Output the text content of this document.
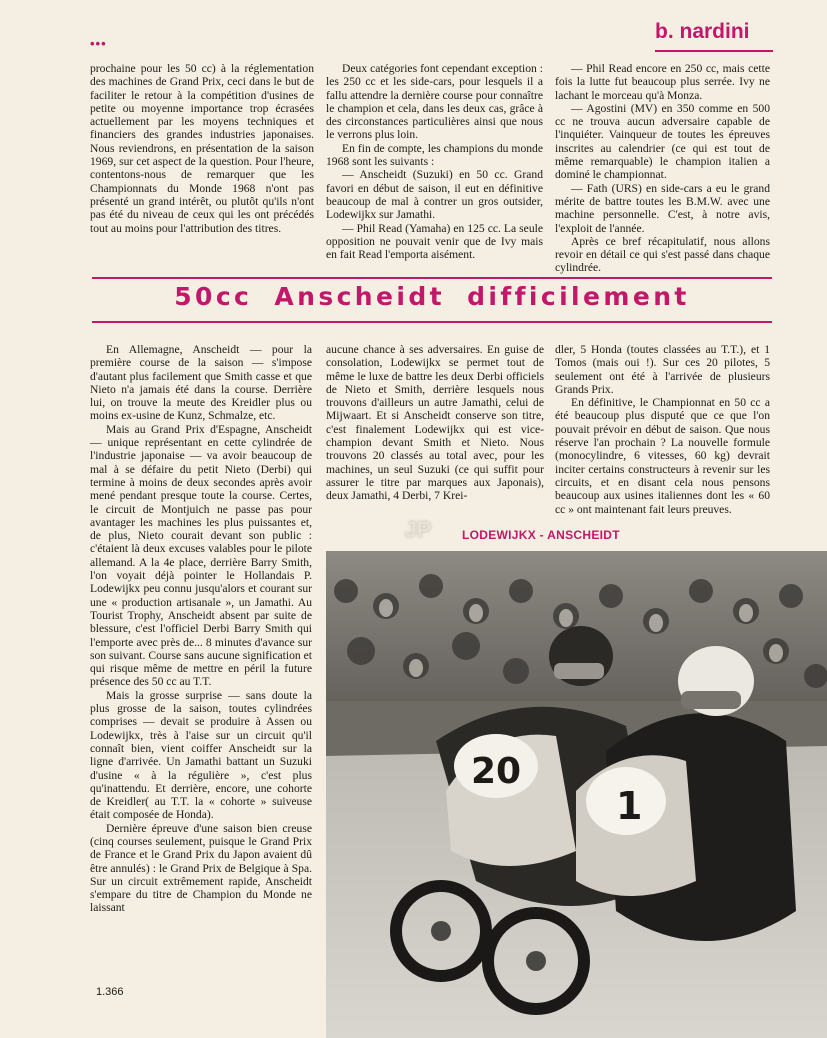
•••
b. nardini

prochaine pour les 50 cc) à la réglementation des machines de Grand Prix, ceci dans le but de faciliter le retour à la compétition d'usines de petite ou moyenne importance trop écrasées actuellement par les moyens techniques et financiers des grandes industries japonaises. Nous reviendrons, en présentation de la saison 1969, sur cet aspect de la question. Pour l'heure, contentons-nous de remarquer que les Championnats du Monde 1968 n'ont pas présenté un grand intérêt, ou plutôt qu'ils n'ont pas été du niveau de ceux qui les ont précédés tout au moins pour l'attribution des titres.

Deux catégories font cependant exception : les 250 cc et les side-cars, pour lesquels il a fallu attendre la dernière course pour connaître le champion et cela, dans les deux cas, grâce à des circonstances particulières ainsi que nous le verrons plus loin.

En fin de compte, les champions du monde 1968 sont les suivants :

— Anscheidt (Suzuki) en 50 cc. Grand favori en début de saison, il eut en définitive beaucoup de mal à contrer un gros outsider, Lodewijkx sur Jamathi.

— Phil Read (Yamaha) en 125 cc. La seule opposition ne pouvait venir que de Ivy mais en fait Read l'emporta aisément.

— Phil Read encore en 250 cc, mais cette fois la lutte fut beaucoup plus serrée. Ivy ne lachant le morceau qu'à Monza.

— Agostini (MV) en 350 comme en 500 cc ne trouva aucun adversaire capable de l'inquiéter. Vainqueur de toutes les épreuves inscrites au calendrier (ce qui est tout de même remarquable) le champion italien a dominé le championnat.

— Fath (URS) en side-cars a eu le grand mérite de battre toutes les B.M.W. avec une machine personnelle. C'est, à notre avis, l'exploit de l'année.

Après ce bref récapitulatif, nous allons revoir en détail ce qui s'est passé dans chaque cylindrée.

50cc Anscheidt difficilement

En Allemagne, Anscheidt — pour la première course de la saison — s'impose d'autant plus facilement que Smith casse et que Nieto n'a jamais été dans la course. Derrière lui, on trouve la meute des Kreidler plus ou moins ex-usine de Kunz, Schmalze, etc.

Mais au Grand Prix d'Espagne, Anscheidt — unique représentant en cette cylindrée de l'industrie japonaise — va avoir beaucoup de mal à se défaire du petit Nieto (Derbi) qui termine à moins de deux secondes après avoir mené pendant presque toute la course. Certes, le circuit de Montjuich ne passe pas pour avantager les machines les plus puissantes et, de plus, Nieto courait devant son public : c'étaient là deux excuses valables pour le pilote allemand. A la 4e place, derrière Barry Smith, l'on voyait déjà pointer le Hollandais P. Lodewijkx peu connu jusqu'alors et courant sur une « production artisanale », un Jamathi. Au Tourist Trophy, Anscheidt absent par suite de blessure, c'est l'officiel Derbi Barry Smith qui l'emporte avec près de... 8 minutes d'avance sur son suivant. Course sans aucune signification et qui risque même de mettre en péril la future présence des 50 cc au T.T.

Mais la grosse surprise — sans doute la plus grosse de la saison, toutes cylindrées comprises — devait se produire à Assen ou Lodewijkx, très à l'aise sur un circuit qu'il connaît bien, vient coiffer Anscheidt sur la ligne d'arrivée. Un Jamathi battant un Suzuki d'usine « à la régulière », c'est plus qu'inattendu. Et derrière, encore, une cohorte de Kreidler( au T.T. la « cohorte » suiveuse était composée de Honda).

Dernière épreuve d'une saison bien creuse (cinq courses seulement, puisque le Grand Prix de France et le Grand Prix du Japon avaient dû être annulés) : le Grand Prix de Belgique à Spa. Sur un circuit extrêmement rapide, Anscheidt s'empare du titre de Champion du Monde ne laissant

aucune chance à ses adversaires. En guise de consolation, Lodewijkx se permet tout de même le luxe de battre les deux Derbi officiels de Nieto et Smith, derrière lesquels nous trouvons d'ailleurs un autre Jamathi, celui de Mijwaart. Et si Anscheidt conserve son titre, c'est finalement Lodewijkx qui est vice-champion devant Smith et Nieto. Nous trouvons 20 classés au total avec, pour les machines, un seul Suzuki (ce qui suffit pour assurer le titre par marques aux Japonais), deux Jamathi, 4 Derbi, 7 Krei-

dler, 5 Honda (toutes classées au T.T.), et 1 Tomos (mais oui !). Sur ces 20 pilotes, 5 seulement ont été à l'arrivée de plusieurs Grands Prix.

En définitive, le Championnat en 50 cc a été beaucoup plus disputé que ce que l'on pouvait prévoir en début de saison. Que nous réserve l'an prochain ? La nouvelle formule (monocylindre, 6 vitesses, 60 kg) devrait inciter certains constructeurs à revenir sur les circuits, et en disant cela nous pensons beaucoup aux usines italiennes dont les « 60 cc » ont maintenant fait leurs preuves.

JP	LODEWIJKX - ANSCHEIDT
20
1
1.366
